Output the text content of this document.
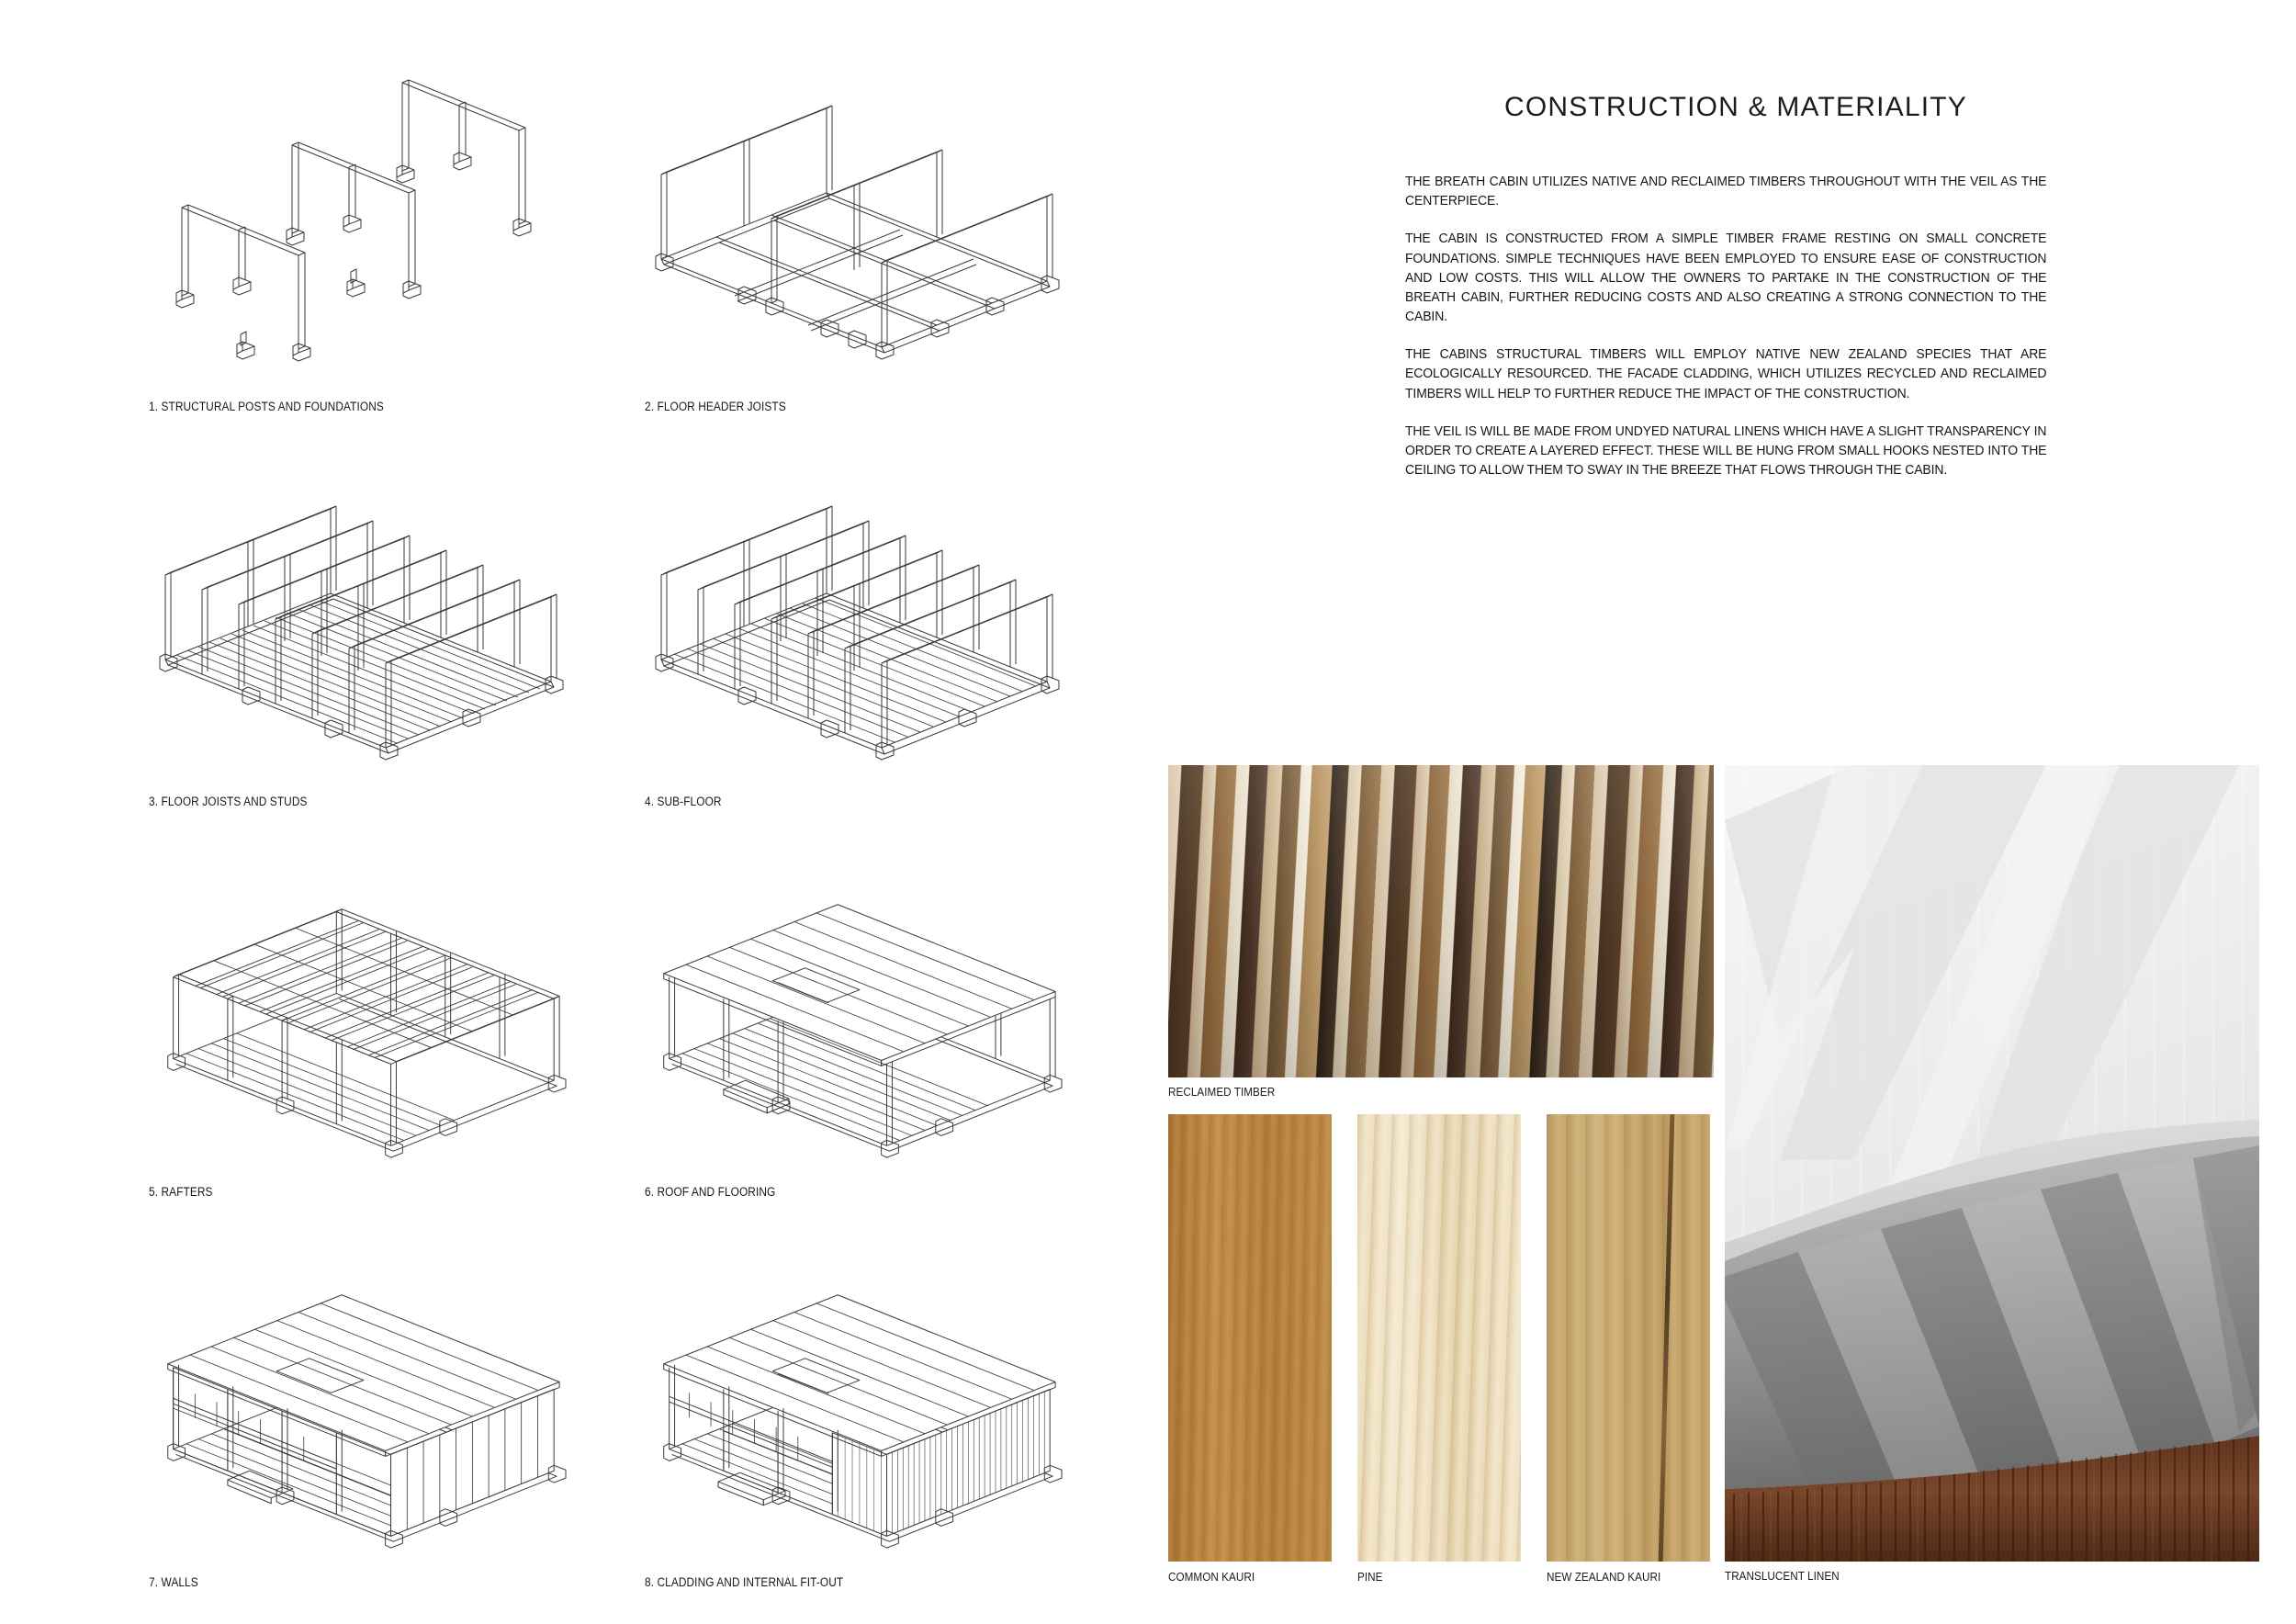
1. STRUCTURAL POSTS AND FOUNDATIONS	2. FLOOR HEADER JOISTS
3. FLOOR JOISTS AND STUDS	4. SUB-FLOOR
5. RAFTERS	6. ROOF AND FLOORING
7. WALLS	8. CLADDING AND INTERNAL FIT-OUT
CONSTRUCTION & MATERIALITY

THE BREATH CABIN UTILIZES NATIVE AND RECLAIMED TIMBERS THROUGHOUT WITH THE VEIL AS THE CENTERPIECE.

THE CABIN IS CONSTRUCTED FROM A SIMPLE TIMBER FRAME RESTING ON SMALL CONCRETE FOUNDATIONS. SIMPLE TECHNIQUES HAVE BEEN EMPLOYED TO ENSURE EASE OF CONSTRUCTION AND LOW COSTS. THIS WILL ALLOW THE OWNERS TO PARTAKE IN THE CONSTRUCTION OF THE BREATH CABIN, FURTHER REDUCING COSTS AND ALSO CREATING A STRONG CONNECTION TO THE CABIN.

THE CABINS STRUCTURAL TIMBERS WILL EMPLOY NATIVE NEW ZEALAND SPECIES THAT ARE ECOLOGICALLY RESOURCED. THE FACADE CLADDING, WHICH UTILIZES RECYCLED AND RECLAIMED TIMBERS WILL HELP TO FURTHER REDUCE THE IMPACT OF THE CONSTRUCTION.

THE VEIL IS WILL BE MADE FROM UNDYED NATURAL LINENS WHICH HAVE A SLIGHT TRANSPARENCY IN ORDER TO CREATE A LAYERED EFFECT. THESE WILL BE HUNG FROM SMALL HOOKS NESTED INTO THE CEILING TO ALLOW THEM TO SWAY IN THE BREEZE THAT FLOWS THROUGH THE CABIN.

RECLAIMED TIMBER
COMMON KAURI	PINE	NEW ZEALAND KAURI	TRANSLUCENT LINEN
